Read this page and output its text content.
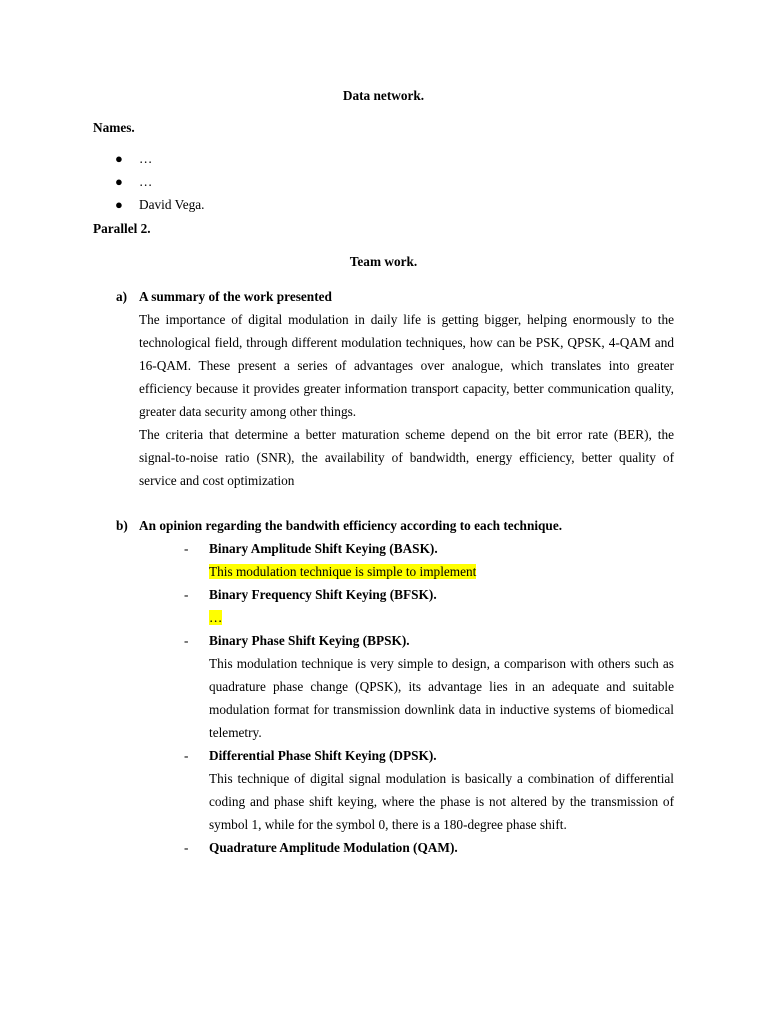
Data network.
Names.
● …
● …
● David Vega.
Parallel 2.
Team work.
a) A summary of the work presented

The importance of digital modulation in daily life is getting bigger, helping enormously to the technological field, through different modulation techniques, how can be PSK, QPSK, 4-QAM and 16-QAM. These present a series of advantages over analogue, which translates into greater efficiency because it provides greater information transport capacity, better communication quality, greater data security among other things.

The criteria that determine a better maturation scheme depend on the bit error rate (BER), the signal-to-noise ratio (SNR), the availability of bandwidth, energy efficiency, better quality of service and cost optimization

b) An opinion regarding the bandwith efficiency according to each technique.
- Binary Amplitude Shift Keying (BASK).

This modulation technique is simple to implement

- Binary Frequency Shift Keying (BFSK).

…

- Binary Phase Shift Keying (BPSK).

This modulation technique is very simple to design, a comparison with others such as quadrature phase change (QPSK), its advantage lies in an adequate and suitable modulation format for transmission downlink data in inductive systems of biomedical telemetry.

- Differential Phase Shift Keying (DPSK).

This technique of digital signal modulation is basically a combination of differential coding and phase shift keying, where the phase is not altered by the transmission of symbol 1, while for the symbol 0, there is a 180-degree phase shift.

- Quadrature Amplitude Modulation (QAM).
